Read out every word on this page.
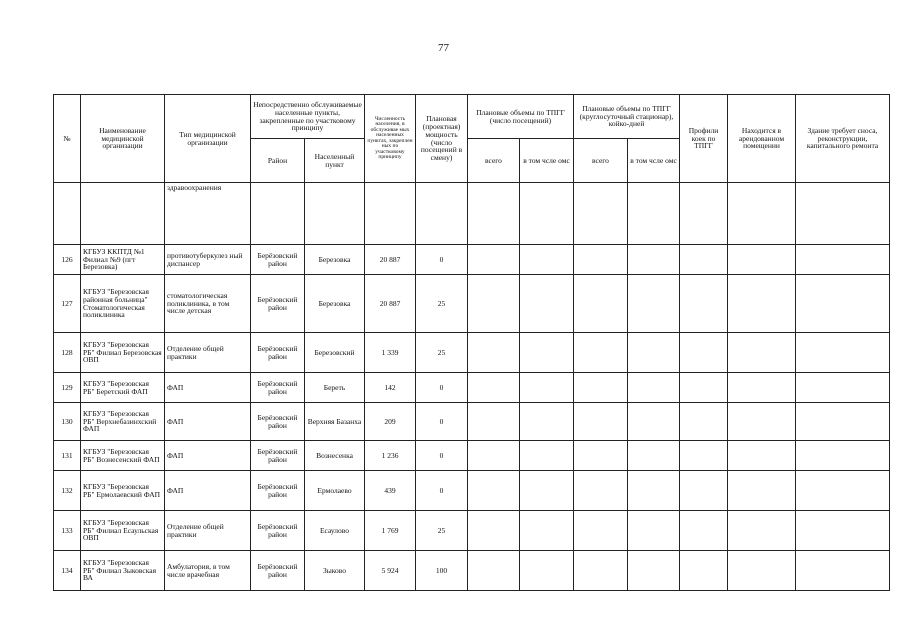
77
№	Наименование медицинской организации	Тип медицинской организации	Непосредственно обслуживаемые населенные пункты, закрепленные по участковому принципу		Численность населения, в обслуживае мых населенных пунктах, закреплен ных по участковому принципу	Плановая (проектная) мощность (число посещений в смену)	Плановые объемы по ТПГГ (число посещений)		Плановые объемы по ТПГГ (круглосуточный стационар), койко-дней		Профили коек по ТПГГ	Находится в арендованном помещении	Здание требует сноса, реконструкции, капитального ремонта
			Район	Населенный пункт			всего	в том чсле омс	всего	в том чсле омс			
		здравоохранения											
126	КГБУЗ ККПТД №1 Филиал №9 (пгт Березовка)	противотуберкулез ный диспансер	Берёзовский район	Березовка	20 887	0							
127	КГБУЗ "Березовская районная больница" Стоматологическая поликлиника	стоматологическая поликлиника, в том числе детская	Берёзовский район	Березовка	20 887	25							
128	КГБУЗ "Березовская РБ" Филиал Березовская ОВП	Отделение общей практики	Берёзовский район	Березовский	1 339	25							
129	КГБУЗ "Березовская РБ" Беретский ФАП	ФАП	Берёзовский район	Береть	142	0							
130	КГБУЗ "Березовская РБ" Верхнебазинхский ФАП	ФАП	Берёзовский район	Верхняя Базанха	209	0							
131	КГБУЗ "Березовская РБ" Вознесенский ФАП	ФАП	Берёзовский район	Вознесенка	1 236	0							
132	КГБУЗ "Березовская РБ" Ермолаевский ФАП	ФАП	Берёзовский район	Ермолаево	439	0							
133	КГБУЗ "Березовская РБ" Филиал Есаульская ОВП	Отделение общей практики	Берёзовский район	Есаулово	1 769	25							
134	КГБУЗ "Березовская РБ" Филиал Зыковская ВА	Амбулатория, в том числе врачебная	Берёзовский район	Зыково	5 924	100							
